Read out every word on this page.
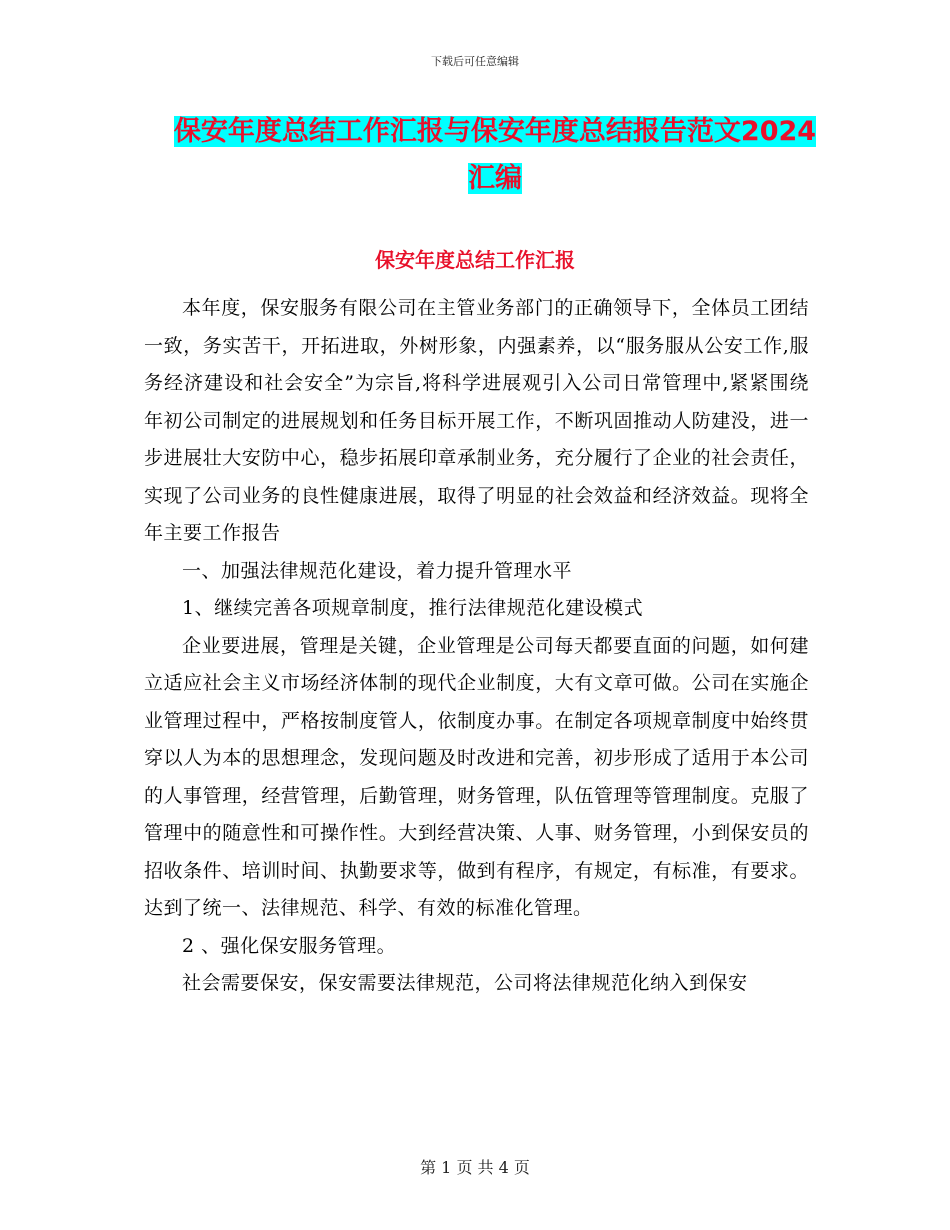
下载后可任意编辑
保安年度总结工作汇报与保安年度总结报告范文2024
汇编
保安年度总结工作汇报

本年度，保安服务有限公司在主管业务部门的正确领导下，全体员工团结一致，务实苦干，开拓进取，外树形象，内强素养，以“服务服从公安工作,服务经济建设和社会安全”为宗旨,将科学进展观引入公司日常管理中,紧紧围绕年初公司制定的进展规划和任务目标开展工作，不断巩固推动人防建没，进一步进展壮大安防中心，稳步拓展印章承制业务，充分履行了企业的社会责任，实现了公司业务的良性健康进展，取得了明显的社会效益和经济效益。现将全年主要工作报告

一、加强法律规范化建设，着力提升管理水平

1、继续完善各项规章制度，推行法律规范化建设模式

企业要进展，管理是关键，企业管理是公司每天都要直面的问题，如何建立适应社会主义市场经济体制的现代企业制度，大有文章可做。公司在实施企业管理过程中，严格按制度管人，依制度办事。在制定各项规章制度中始终贯穿以人为本的思想理念，发现问题及时改进和完善，初步形成了适用于本公司的人事管理，经营管理，后勤管理，财务管理，队伍管理等管理制度。克服了管理中的随意性和可操作性。大到经营决策、人事、财务管理，小到保安员的招收条件、培训时间、执勤要求等，做到有程序，有规定，有标准，有要求。达到了统一、法律规范、科学、有效的标准化管理。

2 、强化保安服务管理。

社会需要保安，保安需要法律规范，公司将法律规范化纳入到保安

第 1 页 共 4 页
